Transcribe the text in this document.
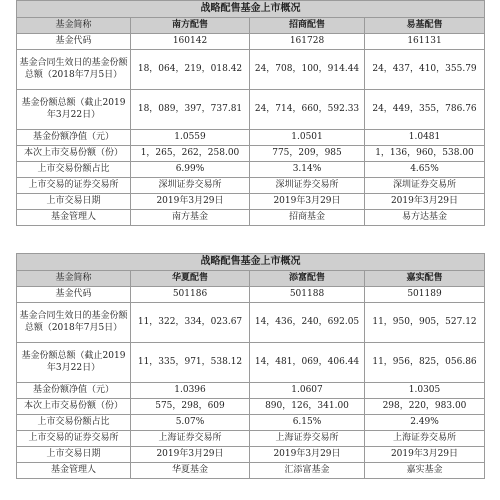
战略配售基金上市概况			
基金简称	南方配售	招商配售	易基配售
基金代码	160142	161728	161131
基金合同生效日的基金份额总额（2018年7月5日）	18，064，219，018.42	24，708，100，914.44	24，437，410，355.79
基金份额总额（截止2019年3月22日）	18，089，397，737.81	24，714，660，592.33	24，449，355，786.76
基金份额净值（元）	1.0559	1.0501	1.0481
本次上市交易份额（份）	1，265，262，258.00	775，209，985	1，136，960，538.00
上市交易份额占比	6.99%	3.14%	4.65%
上市交易的证券交易所	深圳证券交易所	深圳证券交易所	深圳证券交易所
上市交易日期	2019年3月29日	2019年3月29日	2019年3月29日
基金管理人	南方基金	招商基金	易方达基金
战略配售基金上市概况			
基金简称	华夏配售	添富配售	嘉实配售
基金代码	501186	501188	501189
基金合同生效日的基金份额总额（2018年7月5日）	11，322，334，023.67	14，436，240，692.05	11，950，905，527.12
基金份额总额（截止2019年3月22日）	11，335，971，538.12	14，481，069，406.44	11，956，825，056.86
基金份额净值（元）	1.0396	1.0607	1.0305
本次上市交易份额（份）	575，298，609	890，126，341.00	298，220，983.00
上市交易份额占比	5.07%	6.15%	2.49%
上市交易的证券交易所	上海证券交易所	上海证券交易所	上海证券交易所
上市交易日期	2019年3月29日	2019年3月29日	2019年3月29日
基金管理人	华夏基金	汇添富基金	嘉实基金
